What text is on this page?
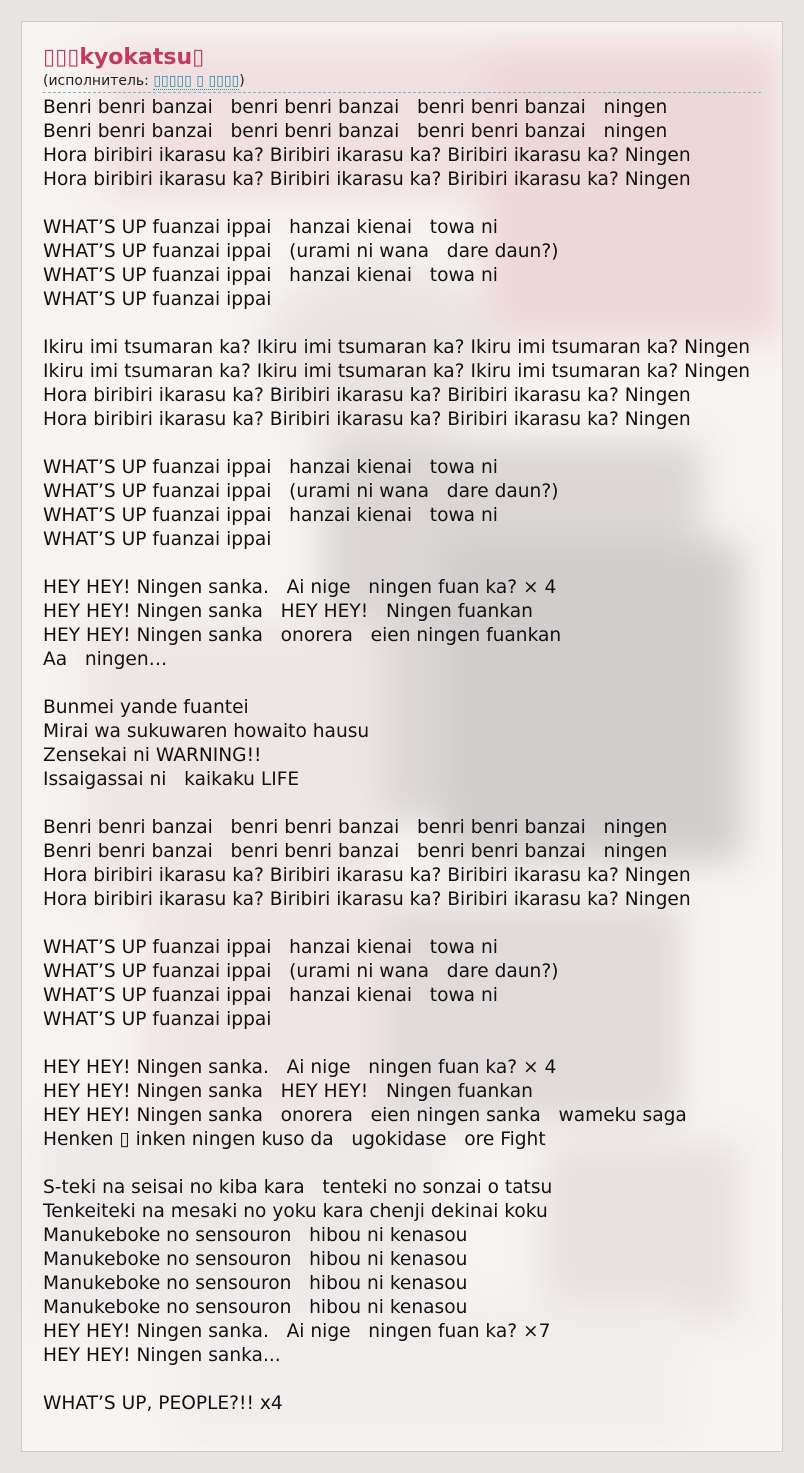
▯▯▯kyokatsu▯
(исполнитель: ▯▯▯▯▯ ▯ ▯▯▯▯)
Benri benri banzai   benri benri banzai   benri benri banzai   ningen
Benri benri banzai   benri benri banzai   benri benri banzai   ningen
Hora biribiri ikarasu ka? Biribiri ikarasu ka? Biribiri ikarasu ka? Ningen
Hora biribiri ikarasu ka? Biribiri ikarasu ka? Biribiri ikarasu ka? Ningen

WHAT’S UP fuanzai ippai   hanzai kienai   towa ni
WHAT’S UP fuanzai ippai   (urami ni wana   dare daun?)
WHAT’S UP fuanzai ippai   hanzai kienai   towa ni
WHAT’S UP fuanzai ippai

Ikiru imi tsumaran ka? Ikiru imi tsumaran ka? Ikiru imi tsumaran ka? Ningen
Ikiru imi tsumaran ka? Ikiru imi tsumaran ka? Ikiru imi tsumaran ka? Ningen
Hora biribiri ikarasu ka? Biribiri ikarasu ka? Biribiri ikarasu ka? Ningen
Hora biribiri ikarasu ka? Biribiri ikarasu ka? Biribiri ikarasu ka? Ningen

WHAT’S UP fuanzai ippai   hanzai kienai   towa ni
WHAT’S UP fuanzai ippai   (urami ni wana   dare daun?)
WHAT’S UP fuanzai ippai   hanzai kienai   towa ni
WHAT’S UP fuanzai ippai

HEY HEY! Ningen sanka.   Ai nige   ningen fuan ka? × 4
HEY HEY! Ningen sanka   HEY HEY!   Ningen fuankan
HEY HEY! Ningen sanka   onorera   eien ningen fuankan
Aa   ningen…

Bunmei yande fuantei
Mirai wa sukuwaren howaito hausu
Zensekai ni WARNING!!
Issaigassai ni   kaikaku LIFE

Benri benri banzai   benri benri banzai   benri benri banzai   ningen
Benri benri banzai   benri benri banzai   benri benri banzai   ningen
Hora biribiri ikarasu ka? Biribiri ikarasu ka? Biribiri ikarasu ka? Ningen
Hora biribiri ikarasu ka? Biribiri ikarasu ka? Biribiri ikarasu ka? Ningen

WHAT’S UP fuanzai ippai   hanzai kienai   towa ni
WHAT’S UP fuanzai ippai   (urami ni wana   dare daun?)
WHAT’S UP fuanzai ippai   hanzai kienai   towa ni
WHAT’S UP fuanzai ippai

HEY HEY! Ningen sanka.   Ai nige   ningen fuan ka? × 4
HEY HEY! Ningen sanka   HEY HEY!   Ningen fuankan
HEY HEY! Ningen sanka   onorera   eien ningen sanka   wameku saga
Henken ▯ inken ningen kuso da   ugokidase   ore Fight

S-teki na seisai no kiba kara   tenteki no sonzai o tatsu
Tenkeiteki na mesaki no yoku kara chenji dekinai koku
Manukeboke no sensouron   hibou ni kenasou
Manukeboke no sensouron   hibou ni kenasou
Manukeboke no sensouron   hibou ni kenasou
Manukeboke no sensouron   hibou ni kenasou
HEY HEY! Ningen sanka.   Ai nige   ningen fuan ka? ×7
HEY HEY! Ningen sanka...

WHAT’S UP, PEOPLE?!! x4
